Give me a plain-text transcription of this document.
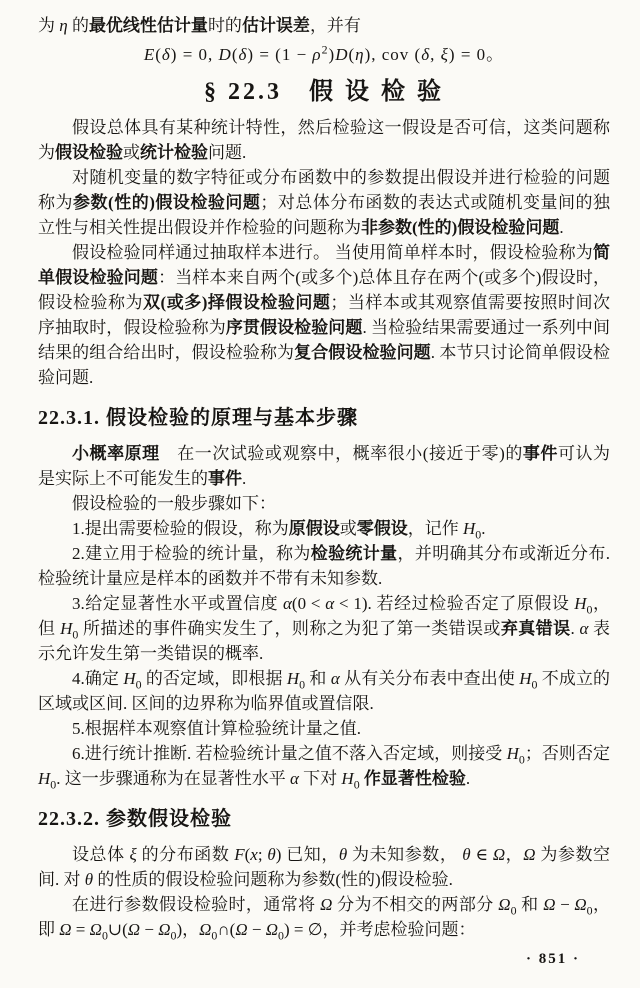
为 η 的最优线性估计量时的估计误差，并有

E(δ) = 0, $D(\delta) = (1 - \rho^2)D(\eta)$, cov (δ, ξ) = 0。
§ 22.3　假 设 检 验

假设总体具有某种统计特性，然后检验这一假设是否可信，这类问题称为假设检验或统计检验问题.

对随机变量的数字特征或分布函数中的参数提出假设并进行检验的问题称为参数(性的)假设检验问题；对总体分布函数的表达式或随机变量间的独立性与相关性提出假设并作检验的问题称为非参数(性的)假设检验问题.

假设检验同样通过抽取样本进行。 当使用简单样本时，假设检验称为简单假设检验问题：当样本来自两个(或多个)总体且存在两个(或多个)假设时，假设检验称为双(或多)择假设检验问题；当样本或其观察值需要按照时间次序抽取时，假设检验称为序贯假设检验问题. 当检验结果需要通过一系列中间结果的组合给出时，假设检验称为复合假设检验问题. 本节只讨论简单假设检验问题.

22.3.1. 假设检验的原理与基本步骤

小概率原理　在一次试验或观察中，概率很小(接近于零)的事件可认为是实际上不可能发生的事件.

假设检验的一般步骤如下：

1.提出需要检验的假设，称为原假设或零假设，记作 $H_0$.

2.建立用于检验的统计量，称为检验统计量，并明确其分布或渐近分布. 检验统计量应是样本的函数并不带有未知参数.

3.给定显著性水平或置信度 α(0 < α < 1). 若经过检验否定了原假设 $H_0$，但 $H_0$ 所描述的事件确实发生了，则称之为犯了第一类错误或弃真错误. α 表示允许发生第一类错误的概率.

4.确定 $H_0$ 的否定域，即根据 $H_0$ 和 α 从有关分布表中查出使 $H_0$ 不成立的区域或区间. 区间的边界称为临界值或置信限.

5.根据样本观察值计算检验统计量之值.

6.进行统计推断. 若检验统计量之值不落入否定域，则接受 $H_0$；否则否定 $H_0$. 这一步骤通称为在显著性水平 α 下对 $H_0$ 作显著性检验.

22.3.2. 参数假设检验

设总体 ξ 的分布函数 F(x; θ) 已知，θ 为未知参数， θ ∈ Ω，Ω 为参数空间. 对 θ 的性质的假设检验问题称为参数(性的)假设检验.

在进行参数假设检验时，通常将 Ω 分为不相交的两部分 $\Omega_0$ 和 $\Omega - \Omega_0$，即 $\Omega = \Omega_0\cup(\Omega - \Omega_0)$，$\Omega_0\cap(\Omega - \Omega_0)$ = ∅，并考虑检验问题：

· 851 ·
